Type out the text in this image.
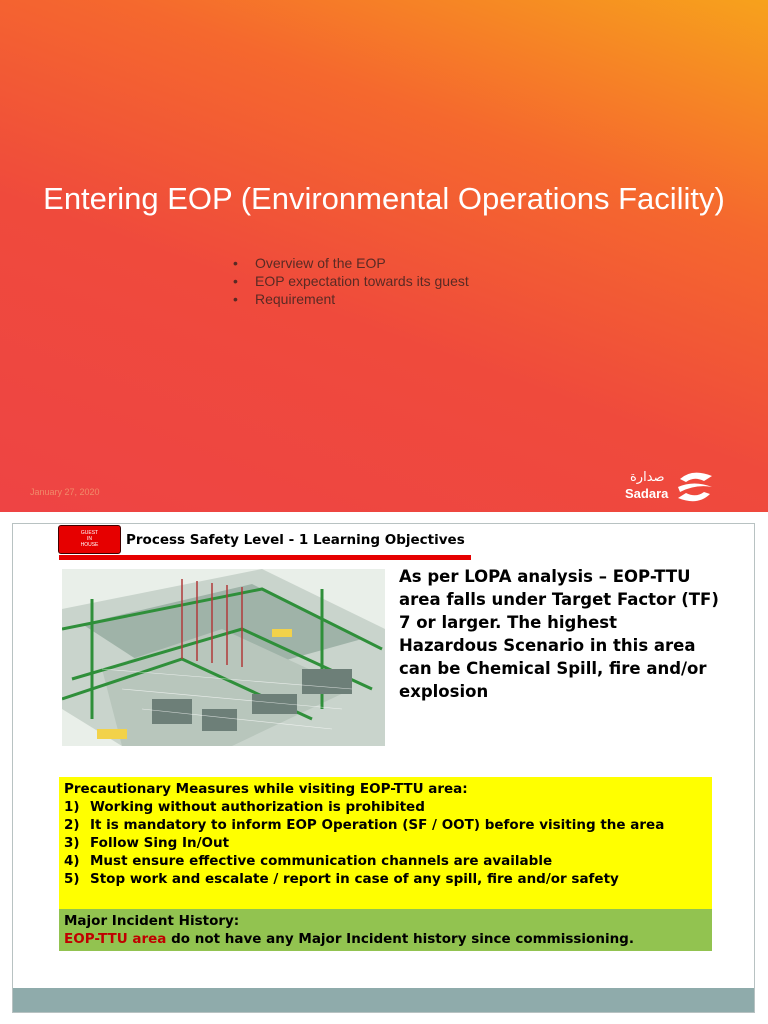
Entering EOP (Environmental Operations Facility)
• Overview of the EOP
• EOP expectation towards its guest
• Requirement
January 27, 2020
صدارة
Sadara
GUEST
IN
HOUSE	Process Safety Level - 1 Learning Objectives
As per LOPA analysis – EOP-TTU area falls under Target Factor (TF) 7 or larger. The highest Hazardous Scenario in this area can be Chemical Spill, fire and/or explosion
Precautionary Measures while visiting EOP-TTU area:
1) Working without authorization is prohibited
2) It is mandatory to inform EOP Operation (SF / OOT) before visiting the area
3) Follow Sing In/Out
4) Must ensure effective communication channels are available
5) Stop work and escalate / report in case of any spill, fire and/or safety
Major Incident History:
EOP-TTU area do not have any Major Incident history since commissioning.
